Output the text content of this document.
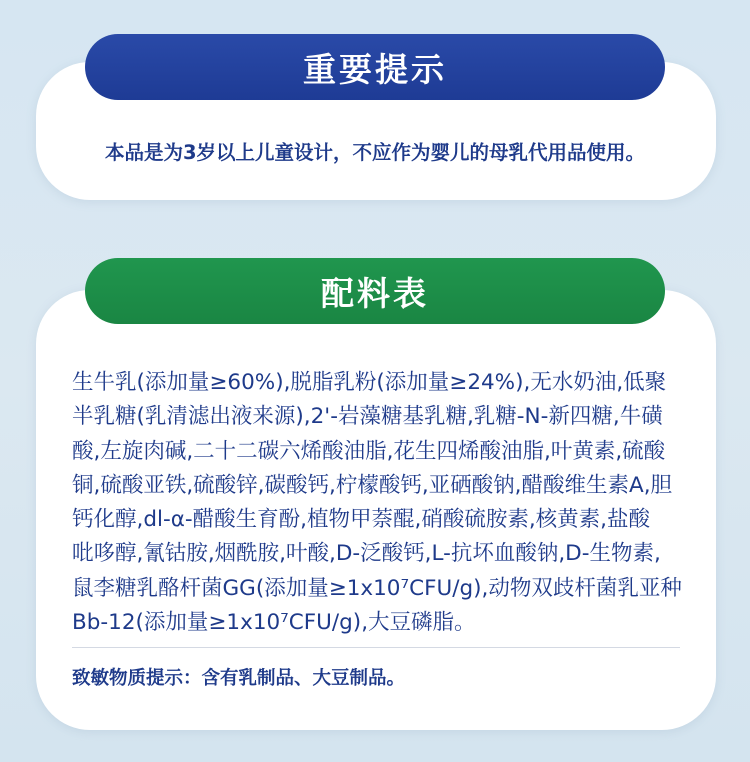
重要提示
本品是为3岁以上儿童设计，不应作为婴儿的母乳代用品使用。
配料表

生牛乳(添加量≥60%),脱脂乳粉(添加量≥24%),无水奶油,低聚

半乳糖(乳清滤出液来源),2'-岩藻糖基乳糖,乳糖-N-新四糖,牛磺

酸,左旋肉碱,二十二碳六烯酸油脂,花生四烯酸油脂,叶黄素,硫酸

铜,硫酸亚铁,硫酸锌,碳酸钙,柠檬酸钙,亚硒酸钠,醋酸维生素A,胆

钙化醇,dl-α-醋酸生育酚,植物甲萘醌,硝酸硫胺素,核黄素,盐酸

吡哆醇,氰钴胺,烟酰胺,叶酸,D-泛酸钙,L-抗坏血酸钠,D-生物素,

鼠李糖乳酪杆菌GG(添加量≥1x10⁷CFU/g),动物双歧杆菌乳亚种

Bb-12(添加量≥1x10⁷CFU/g),大豆磷脂。

致敏物质提示：含有乳制品、大豆制品。
